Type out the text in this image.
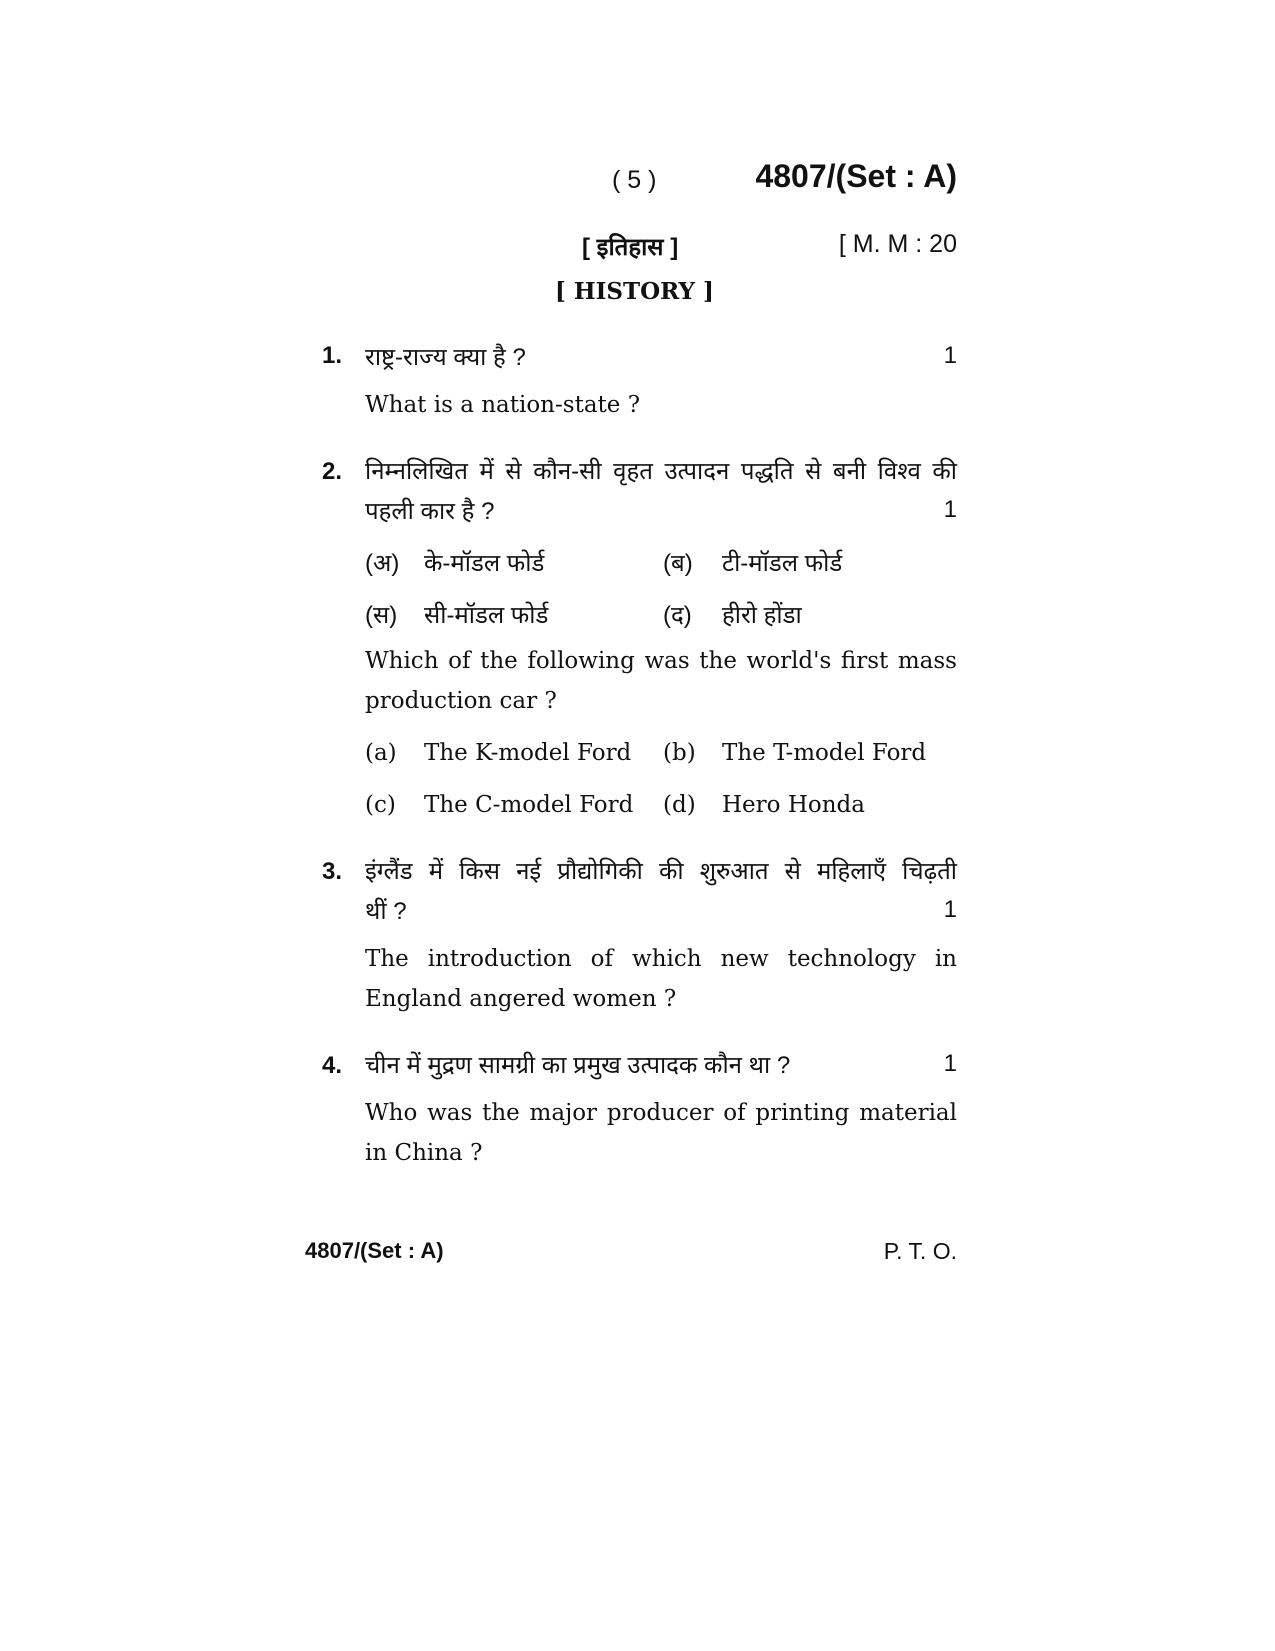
( 5 )	4807/(Set : A)
[ इतिहास ]	[ M. M : 20
[ HISTORY ]
1. राष्ट्र-राज्य क्या है ?	1
What is a nation-state ?
2. निम्नलिखित में से कौन-सी वृहत उत्पादन पद्धति से बनी विश्व की
पहली कार है ?	1
(अ) के-मॉडल फोर्ड	(ब) टी-मॉडल फोर्ड
(स) सी-मॉडल फोर्ड	(द) हीरो होंडा
Which of the following was the world's first mass
production car ?
(a) The K-model Ford (b) The T-model Ford
(c) The C-model Ford (d) Hero Honda
3. इंग्लैंड में किस नई प्रौद्योगिकी की शुरुआत से महिलाएँ चिढ़ती
थीं ?	1
The introduction of which new technology in
England angered women ?
4. चीन में मुद्रण सामग्री का प्रमुख उत्पादक कौन था ?	1
Who was the major producer of printing material
in China ?
4807/(Set : A)	P. T. O.
